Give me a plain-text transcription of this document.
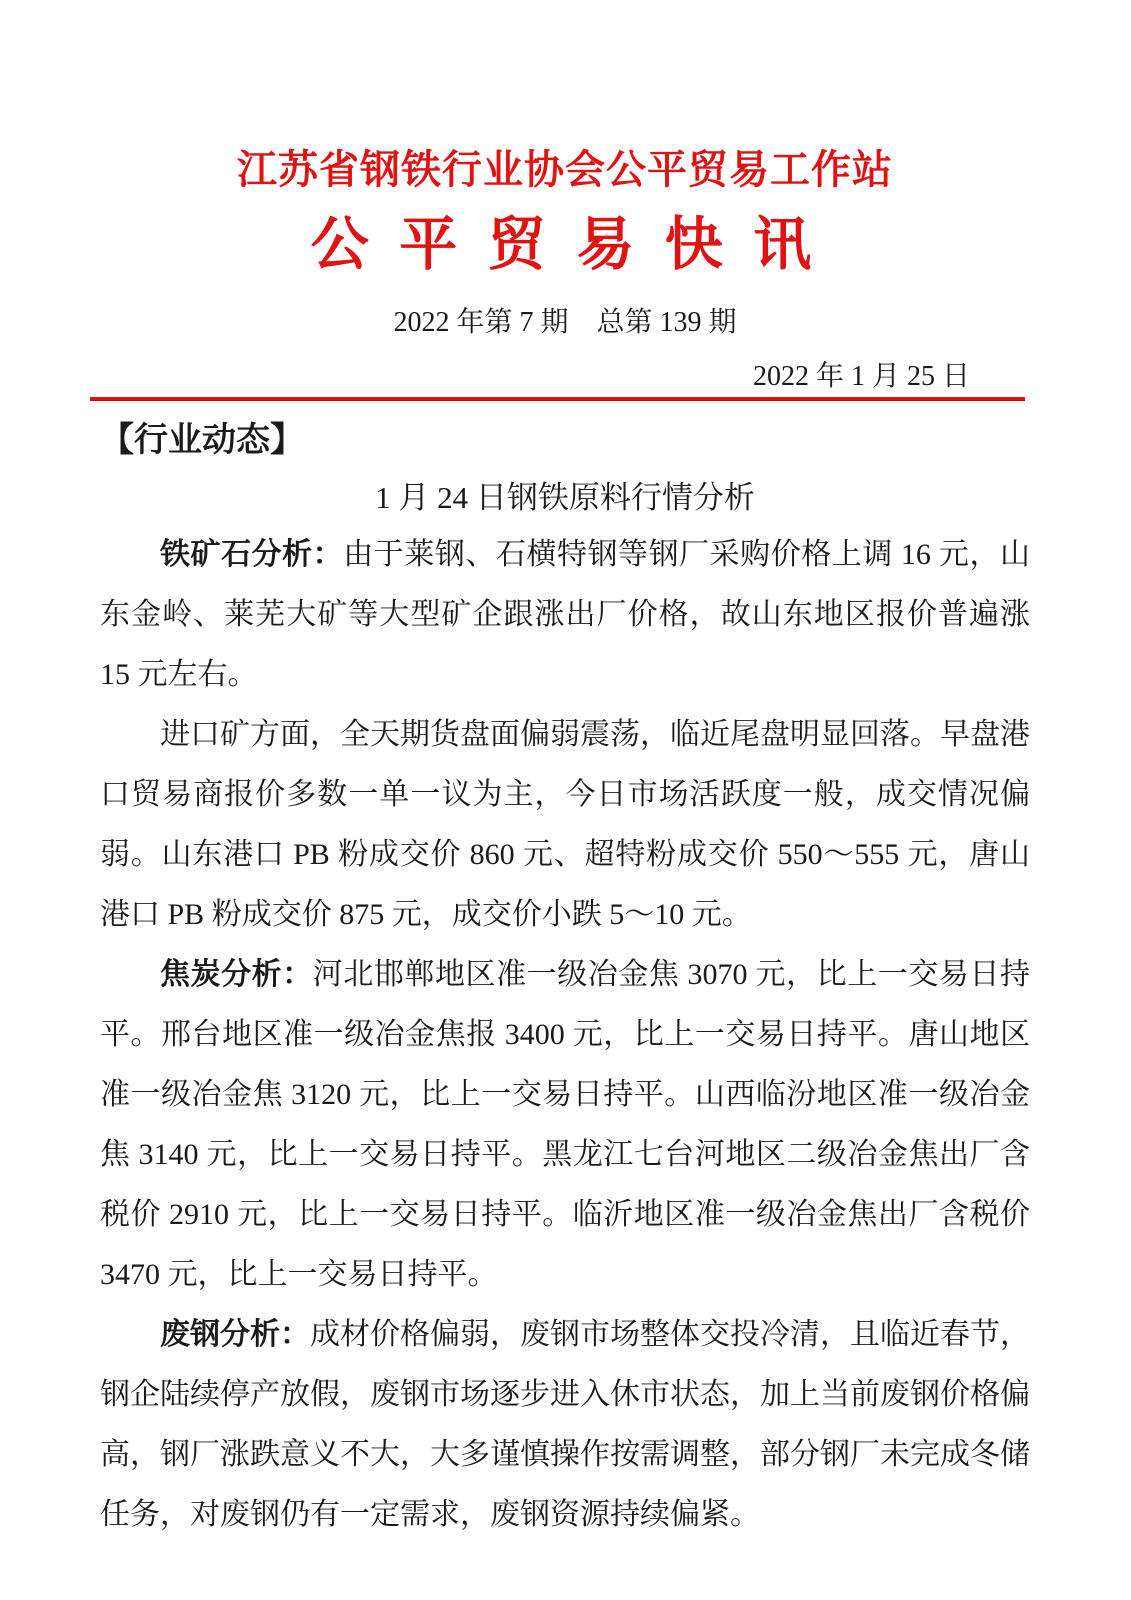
江苏省钢铁行业协会公平贸易工作站
公 平 贸 易 快 讯
2022 年第 7 期　总第 139 期
2022 年 1 月 25 日
【行业动态】
1 月 24 日钢铁原料行情分析

铁矿石分析：由于莱钢、石横特钢等钢厂采购价格上调 16 元，山东金岭、莱芜大矿等大型矿企跟涨出厂价格，故山东地区报价普遍涨 15 元左右。

进口矿方面，全天期货盘面偏弱震荡，临近尾盘明显回落。早盘港口贸易商报价多数一单一议为主，今日市场活跃度一般，成交情况偏弱。山东港口 PB 粉成交价 860 元、超特粉成交价 550～555 元，唐山港口 PB 粉成交价 875 元，成交价小跌 5～10 元。

焦炭分析：河北邯郸地区准一级冶金焦 3070 元，比上一交易日持平。邢台地区准一级冶金焦报 3400 元，比上一交易日持平。唐山地区准一级冶金焦 3120 元，比上一交易日持平。山西临汾地区准一级冶金焦 3140 元，比上一交易日持平。黑龙江七台河地区二级冶金焦出厂含税价 2910 元，比上一交易日持平。临沂地区准一级冶金焦出厂含税价 3470 元，比上一交易日持平。

废钢分析：成材价格偏弱，废钢市场整体交投冷清，且临近春节，钢企陆续停产放假，废钢市场逐步进入休市状态，加上当前废钢价格偏高，钢厂涨跌意义不大，大多谨慎操作按需调整，部分钢厂未完成冬储任务，对废钢仍有一定需求，废钢资源持续偏紧。
